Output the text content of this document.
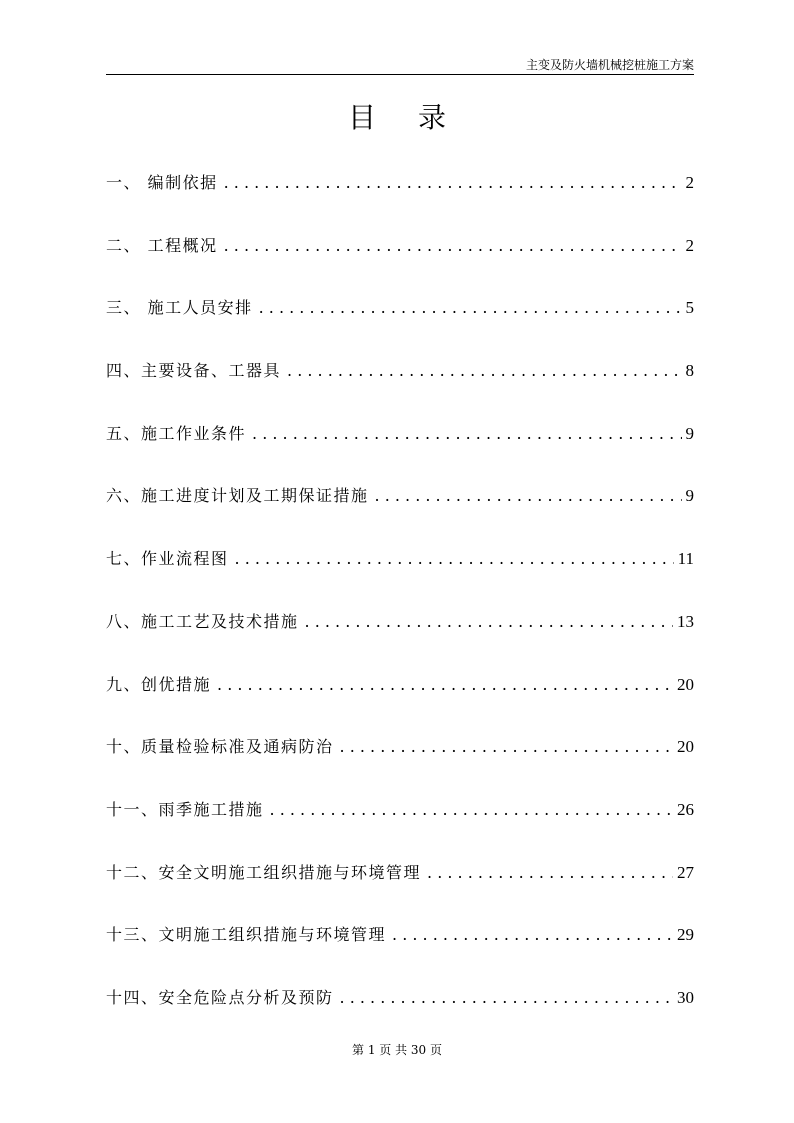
主变及防火墙机械挖桩施工方案
目录
一、 编制依据 . . .	2
二、 工程概况 . . .	2
三、 施工人员安排 . . .	5
四、主要设备、工器具 . . .	8
五、施工作业条件 . . .	9
六、施工进度计划及工期保证措施 . . .	9
七、作业流程图 . . .	11
八、施工工艺及技术措施 . . .	13
九、创优措施 . . .	20
十、质量检验标准及通病防治 . . .	20
十一、雨季施工措施 . . .	26
十二、安全文明施工组织措施与环境管理 . . .	27
十三、文明施工组织措施与环境管理 . . .	29
十四、安全危险点分析及预防 . . .	30
第 1 页 共 30 页
